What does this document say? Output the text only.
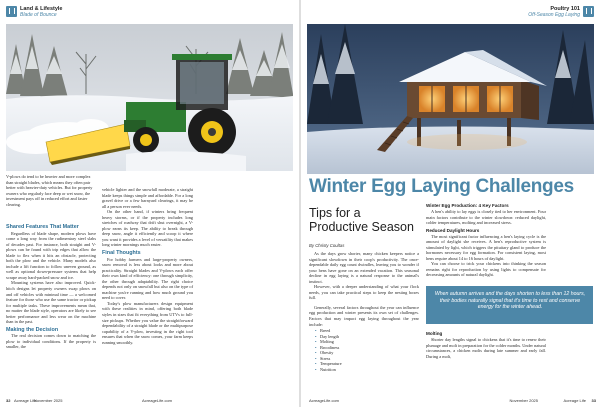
Land & Lifestyle
Blade of Bounce
V-plows do tend to be heavier and more complex than straight blades, which means they often pair better with heavier-duty vehicles. But for property owners who regularly face deep or wet snow, the investment pays off in reduced effort and faster clearing.
Shared Features That Matter

Regardless of blade shape, modern plows have come a long way from the rudimentary steel slabs of decades past. For instance, both straight and V-plows can be found with trip edges that allow the blade to flex when it hits an obstacle, protecting both the plow and the vehicle. Many models also include a lift function to follow uneven ground, as well as optional down-pressure systems that help scrape away hard-packed snow and ice.

Mounting systems have also improved. Quick-hitch designs let property owners swap plows on and off vehicles with minimal time — a welcomed feature for those who use the same tractor or pickup for multiple tasks. These improvements mean that, no matter the blade style, operators are likely to see better performance and less wear on the machine than in the past.

Making the Decision

The real decision comes down to matching the plow to individual conditions. If the property is smaller, the

vehicle lighter and the snowfall moderate, a straight blade keeps things simple and affordable. For a long gravel drive or a few barnyard clearings, it may be all a person ever needs.

On the other hand, if winters bring frequent heavy storms, or if the property includes long stretches of roadway that drift shut overnight, a V-plow earns its keep. The ability to break through deep snow, angle it efficiently and scoop it where you want it provides a level of versatility that makes long winter mornings much easier.

Final Thoughts

For hobby farmers and large-property owners, snow removal is less about looks and more about practicality. Straight blades and V-plows each offer their own kind of efficiency: one through simplicity, the other through adaptability. The right choice depends not only on snowfall but also on the type of machine you're running and how much ground you need to cover.

Today's plow manufacturers design equipment with these realities in mind, offering both blade styles in sizes that fit everything from UTVs to full-size pickups. Whether you value the straightforward dependability of a straight blade or the multipurpose capability of a V-plow, investing in the right tool ensures that when the snow comes, your farm keeps running smoothly.

32 Acreage Life
November 2025	AcreageLife.com
Poultry 101
Off-Season Egg Laying
Winter Egg Laying Challenges
Tips for a Productive Season
By Christy Coultas

As the days grow shorter, many chicken keepers notice a significant slowdown in their coop's productivity. The once-dependable daily egg count dwindles, leaving you to wonder if your hens have gone on an extended vacation. This seasonal decline in egg laying is a natural response to the animal's instinct.

However, with a deeper understanding of what your flock needs, you can take practical steps to keep the nesting boxes full.

Generally, several factors throughout the year can influence egg production and winter presents its own set of challenges. Factors that may impact egg laying throughout the year include:

• Breed
• Day length
• Molting
• Broodiness
• Obesity
• Stress
• Temperature
• Nutrition
Winter Egg Production: 4 Key Factors

A hen's ability to lay eggs is closely tied to her environment. Four main factors contribute to the winter slowdown: reduced daylight, colder temperatures, molting and increased stress.

Reduced Daylight Hours

The most significant factor influencing a hen's laying cycle is the amount of daylight she receives. A hen's reproductive system is stimulated by light, which triggers the pituitary gland to produce the hormones necessary for egg formation. For consistent laying, most hens require about 14 to 16 hours of daylight.

You can choose to trick your chickens into thinking the season remains right for reproduction by using lights to compensate for decreasing amounts of natural daylight.

When autumn arrives and the days shorten to less than 12 hours, their bodies naturally signal that it's time to rest and conserve energy for the winter ahead.
Molting

Shorter day lengths signal to chickens that it's time to renew their plumage and molt in preparation for the colder months. Under natural circumstances, a chicken molts during late summer and early fall. During a molt,

AcreageLife.com	November 2025	Acreage Life 33
